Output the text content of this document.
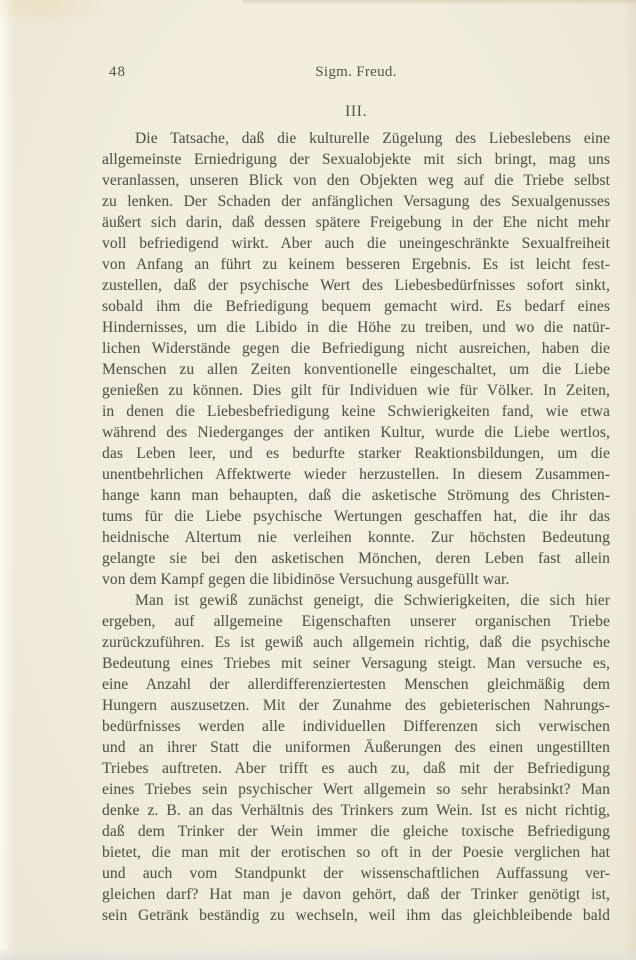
48	Sigm. Freud.
III.
Die Tatsache, daß die kulturelle Zügelung des Liebeslebens eine
allgemeinste Erniedrigung der Sexualobjekte mit sich bringt, mag uns
veranlassen, unseren Blick von den Objekten weg auf die Triebe selbst
zu lenken. Der Schaden der anfänglichen Versagung des Sexualgenusses
äußert sich darin, daß dessen spätere Freigebung in der Ehe nicht mehr
voll befriedigend wirkt. Aber auch die uneingeschränkte Sexualfreiheit
von Anfang an führt zu keinem besseren Ergebnis. Es ist leicht fest-
zustellen, daß der psychische Wert des Liebesbedürfnisses sofort sinkt,
sobald ihm die Befriedigung bequem gemacht wird. Es bedarf eines
Hindernisses, um die Libido in die Höhe zu treiben, und wo die natür-
lichen Widerstände gegen die Befriedigung nicht ausreichen, haben die
Menschen zu allen Zeiten konventionelle eingeschaltet, um die Liebe
genießen zu können. Dies gilt für Individuen wie für Völker. In Zeiten,
in denen die Liebesbefriedigung keine Schwierigkeiten fand, wie etwa
während des Niederganges der antiken Kultur, wurde die Liebe wertlos,
das Leben leer, und es bedurfte starker Reaktionsbildungen, um die
unentbehrlichen Affektwerte wieder herzustellen. In diesem Zusammen-
hange kann man behaupten, daß die asketische Strömung des Christen-
tums für die Liebe psychische Wertungen geschaffen hat, die ihr das
heidnische Altertum nie verleihen konnte. Zur höchsten Bedeutung
gelangte sie bei den asketischen Mönchen, deren Leben fast allein
von dem Kampf gegen die libidinöse Versuchung ausgefüllt war.
Man ist gewiß zunächst geneigt, die Schwierigkeiten, die sich hier
ergeben, auf allgemeine Eigenschaften unserer organischen Triebe
zurückzuführen. Es ist gewiß auch allgemein richtig, daß die psychische
Bedeutung eines Triebes mit seiner Versagung steigt. Man versuche es,
eine Anzahl der allerdifferenziertesten Menschen gleichmäßig dem
Hungern auszusetzen. Mit der Zunahme des gebieterischen Nahrungs-
bedürfnisses werden alle individuellen Differenzen sich verwischen
und an ihrer Statt die uniformen Äußerungen des einen ungestillten
Triebes auftreten. Aber trifft es auch zu, daß mit der Befriedigung
eines Triebes sein psychischer Wert allgemein so sehr herabsinkt? Man
denke z. B. an das Verhältnis des Trinkers zum Wein. Ist es nicht richtig,
daß dem Trinker der Wein immer die gleiche toxische Befriedigung
bietet, die man mit der erotischen so oft in der Poesie verglichen hat
und auch vom Standpunkt der wissenschaftlichen Auffassung ver-
gleichen darf? Hat man je davon gehört, daß der Trinker genötigt ist,
sein Getränk beständig zu wechseln, weil ihm das gleichbleibende bald
